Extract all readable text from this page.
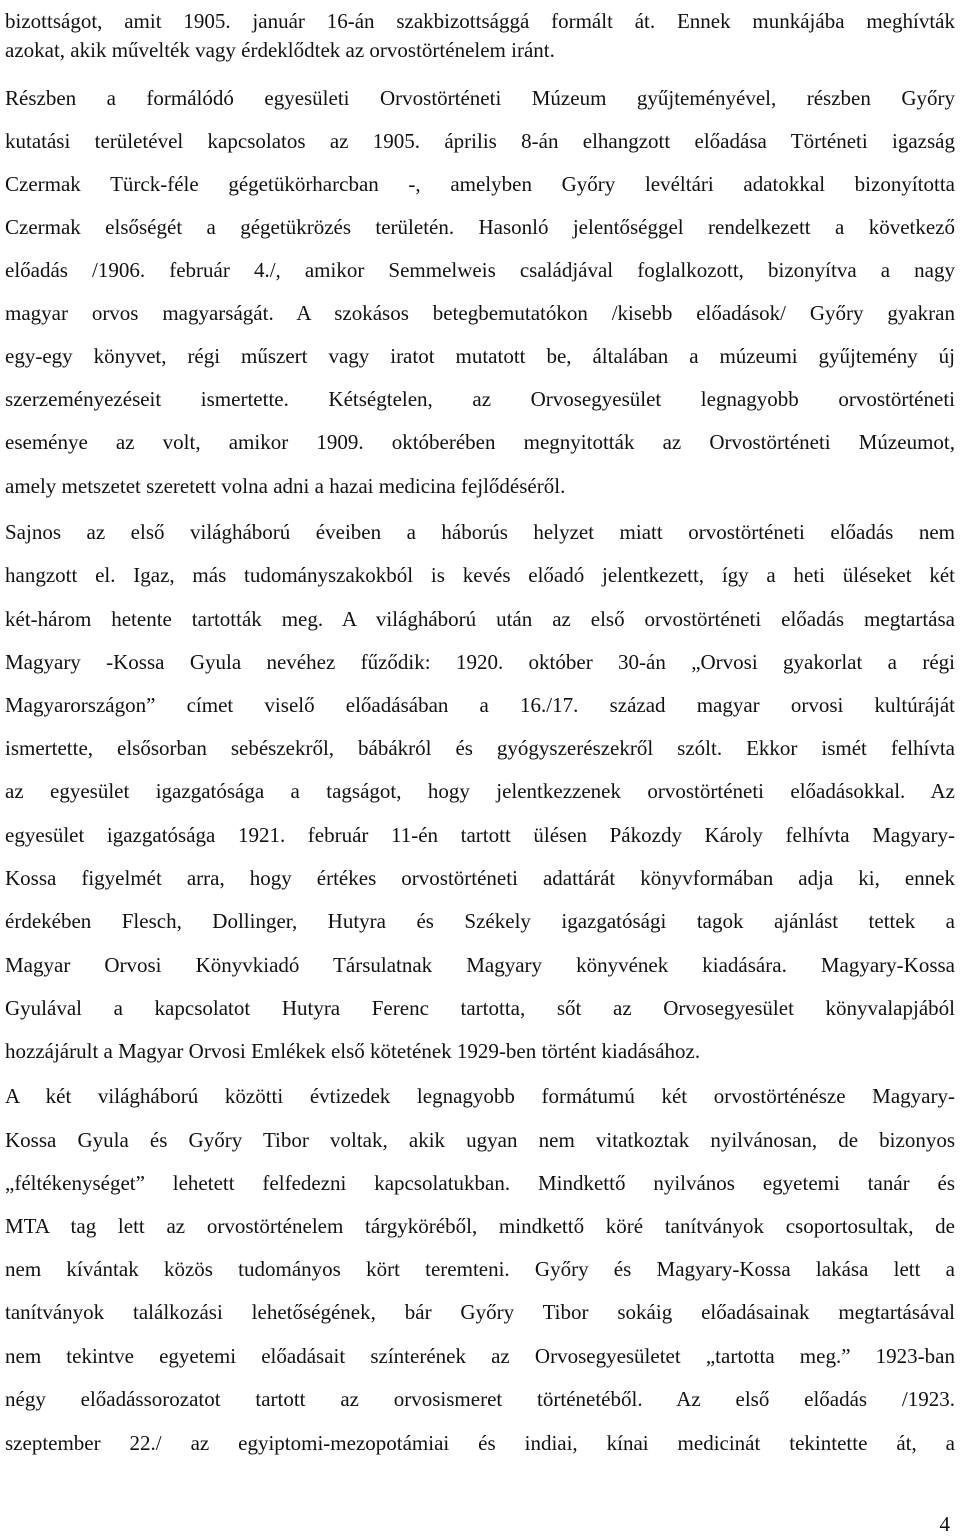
bizottságot, amit 1905. január 16-án szakbizottsággá formált át. Ennek munkájába meghívták
azokat, akik művelték vagy érdeklődtek az orvostörténelem iránt.
Részben a formálódó egyesületi Orvostörténeti Múzeum gyűjteményével, részben Győry
kutatási területével kapcsolatos az 1905. április 8-án elhangzott előadása Történeti igazság
Czermak Türck-féle gégetükörharcban -, amelyben Győry levéltári adatokkal bizonyította
Czermak elsőségét a gégetükrözés területén. Hasonló jelentőséggel rendelkezett a következő
előadás /1906. február 4./, amikor Semmelweis családjával foglalkozott, bizonyítva a nagy
magyar orvos magyarságát. A szokásos betegbemutatókon /kisebb előadások/ Győry gyakran
egy-egy könyvet, régi műszert vagy iratot mutatott be, általában a múzeumi gyűjtemény új
szerzeményezéseit ismertette. Kétségtelen, az Orvosegyesület legnagyobb orvostörténeti
eseménye az volt, amikor 1909. októberében megnyitották az Orvostörténeti Múzeumot,
amely metszetet szeretett volna adni a hazai medicina fejlődéséről.
Sajnos az első világháború éveiben a háborús helyzet miatt orvostörténeti előadás nem
hangzott el. Igaz, más tudományszakokból is kevés előadó jelentkezett, így a heti üléseket két
két-három hetente tartották meg. A világháború után az első orvostörténeti előadás megtartása
Magyary -Kossa Gyula nevéhez fűződik: 1920. október 30-án „Orvosi gyakorlat a régi
Magyarországon” címet viselő előadásában a 16./17. század magyar orvosi kultúráját
ismertette, elsősorban sebészekről, bábákról és gyógyszerészekről szólt. Ekkor ismét felhívta
az egyesület igazgatósága a tagságot, hogy jelentkezzenek orvostörténeti előadásokkal. Az
egyesület igazgatósága 1921. február 11-én tartott ülésen Pákozdy Károly felhívta Magyary-
Kossa figyelmét arra, hogy értékes orvostörténeti adattárát könyvformában adja ki, ennek
érdekében Flesch, Dollinger, Hutyra és Székely igazgatósági tagok ajánlást tettek a
Magyar Orvosi Könyvkiadó Társulatnak Magyary könyvének kiadására. Magyary-Kossa
Gyulával a kapcsolatot Hutyra Ferenc tartotta, sőt az Orvosegyesület könyvalapjából
hozzájárult a Magyar Orvosi Emlékek első kötetének 1929-ben történt kiadásához.
A két világháború közötti évtizedek legnagyobb formátumú két orvostörténésze Magyary-
Kossa Gyula és Győry Tibor voltak, akik ugyan nem vitatkoztak nyilvánosan, de bizonyos
„féltékenységet” lehetett felfedezni kapcsolatukban. Mindkettő nyilvános egyetemi tanár és
MTA tag lett az orvostörténelem tárgyköréből, mindkettő köré tanítványok csoportosultak, de
nem kívántak közös tudományos kört teremteni. Győry és Magyary-Kossa lakása lett a
tanítványok találkozási lehetőségének, bár Győry Tibor sokáig előadásainak megtartásával
nem tekintve egyetemi előadásait színterének az Orvosegyesületet „tartotta meg.” 1923-ban
négy előadássorozatot tartott az orvosismeret történetéből. Az első előadás /1923.
szeptember 22./ az egyiptomi-mezopotámiai és indiai, kínai medicinát tekintette át, a
4
